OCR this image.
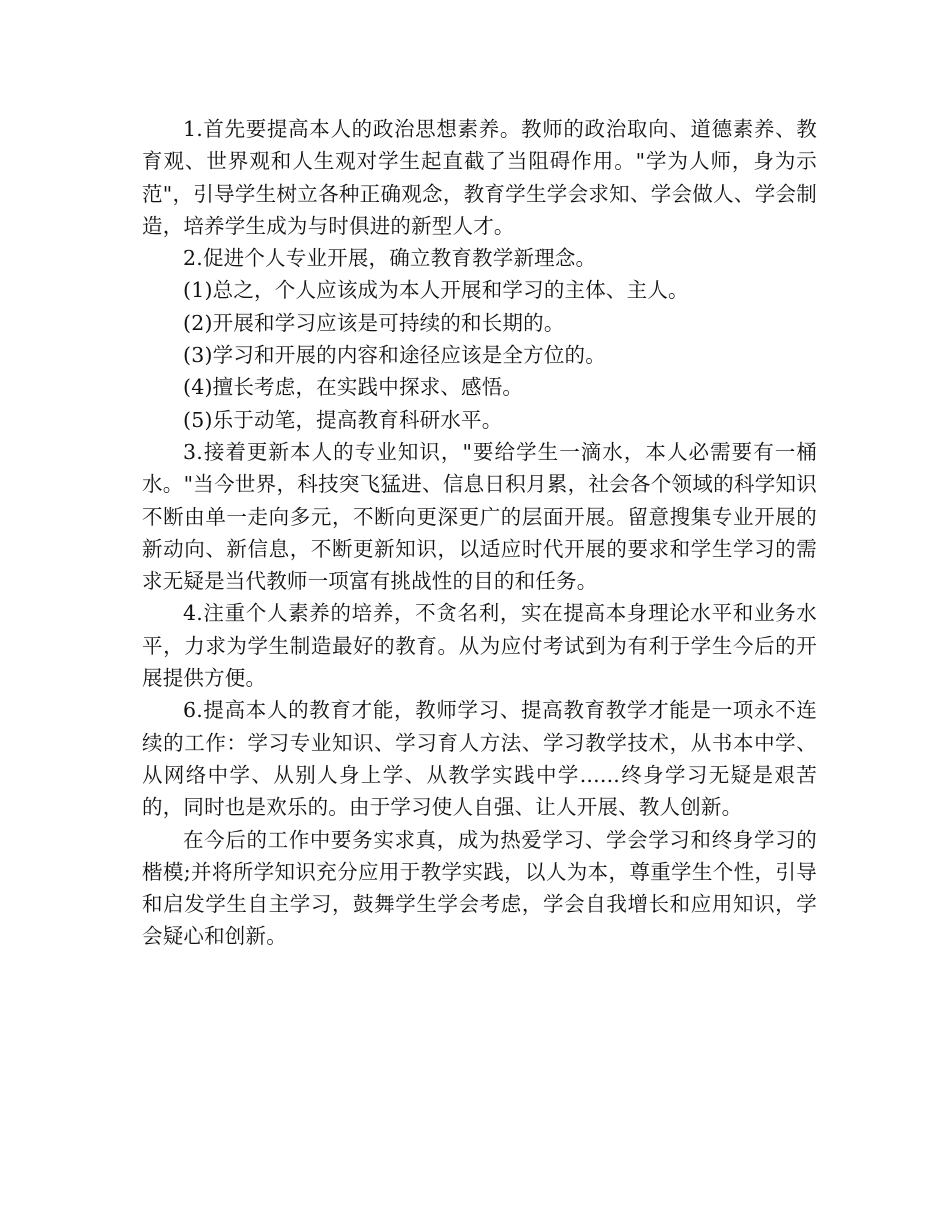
1.首先要提高本人的政治思想素养。教师的政治取向、道德素养、教育观、世界观和人生观对学生起直截了当阻碍作用。"学为人师，身为示范"，引导学生树立各种正确观念，教育学生学会求知、学会做人、学会制造，培养学生成为与时俱进的新型人才。

2.促进个人专业开展，确立教育教学新理念。

(1)总之，个人应该成为本人开展和学习的主体、主人。

(2)开展和学习应该是可持续的和长期的。

(3)学习和开展的内容和途径应该是全方位的。

(4)擅长考虑，在实践中探求、感悟。

(5)乐于动笔，提高教育科研水平。

3.接着更新本人的专业知识，"要给学生一滴水，本人必需要有一桶水。"当今世界，科技突飞猛进、信息日积月累，社会各个领域的科学知识不断由单一走向多元，不断向更深更广的层面开展。留意搜集专业开展的新动向、新信息，不断更新知识，以适应时代开展的要求和学生学习的需求无疑是当代教师一项富有挑战性的目的和任务。

4.注重个人素养的培养，不贪名利，实在提高本身理论水平和业务水平，力求为学生制造最好的教育。从为应付考试到为有利于学生今后的开展提供方便。

6.提高本人的教育才能，教师学习、提高教育教学才能是一项永不连续的工作：学习专业知识、学习育人方法、学习教学技术，从书本中学、从网络中学、从别人身上学、从教学实践中学......终身学习无疑是艰苦的，同时也是欢乐的。由于学习使人自强、让人开展、教人创新。

在今后的工作中要务实求真，成为热爱学习、学会学习和终身学习的楷模;并将所学知识充分应用于教学实践，以人为本，尊重学生个性，引导和启发学生自主学习，鼓舞学生学会考虑，学会自我增长和应用知识，学会疑心和创新。
